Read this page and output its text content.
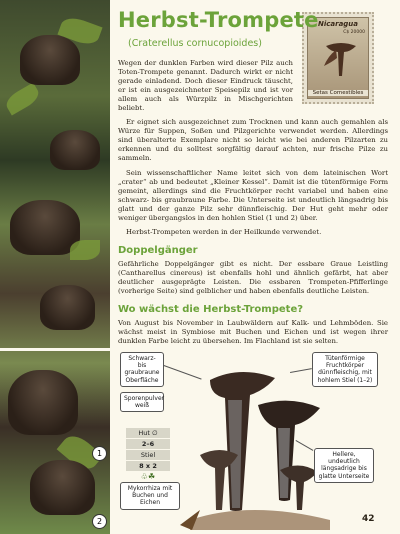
1
2
Nicaragua
C$ 20000
Setas Comestibles
Herbst-Trompete
(Craterellus cornucopioides)

Wegen der dunklen Farben wird dieser Pilz auch Toten-Trompete genannt. Dadurch wirkt er nicht gerade einladend. Doch dieser Eindruck täuscht, er ist ein ausgezeichneter Speisepilz und ist vor allem auch als Würzpilz in Mischgerichten beliebt.

Er eignet sich ausgezeichnet zum Trocknen und kann auch gemahlen als Würze für Suppen, Soßen und Pilzgerichte verwendet werden. Allerdings sind überalterte Exemplare nicht so leicht wie bei anderen Pilzarten zu erkennen und du solltest sorgfältig darauf achten, nur frische Pilze zu sammeln.

Sein wissenschaftlicher Name leitet sich von dem lateinischen Wort „crater“ ab und bedeutet „Kleiner Kessel“. Damit ist die tütenförmige Form gemeint, allerdings sind die Fruchtkörper recht variabel und haben eine schwarz- bis graubraune Farbe. Die Unterseite ist undeutlich längsadrig bis glatt und der ganze Pilz sehr dünnfleischig. Der Hut geht mehr oder weniger übergangslos in den hohlen Stiel (1 und 2) über.

Herbst-Trompeten werden in der Heilkunde verwendet.

Doppelgänger

Gefährliche Doppelgänger gibt es nicht. Der essbare Graue Leistling (Cantharellus cinereus) ist ebenfalls hohl und ähnlich gefärbt, hat aber deutlicher ausgeprägte Leisten. Die essbaren Trompeten-Pfifferlinge (vorherige Seite) sind gelblicher und haben ebenfalls deutliche Leisten.

Wo wächst die Herbst-Trompete?

Von August bis November in Laubwäldern auf Kalk- und Lehmböden. Sie wächst meist in Symbiose mit Buchen und Eichen und ist wegen ihrer dunklen Farbe leicht zu übersehen. Im Flachland ist sie selten.

Schwarz- bis graubraune Oberfläche
Sporenpulver weiß
Tütenförmige Fruchtkörper dünnfleischig, mit hohlem Stiel (1–2)
Hellere, undeutlich längsadrige bis glatte Unterseite
Mykorrhiza mit Buchen und Eichen
Hut ∅
2–6
Stiel
8 x 2
♧☘
42
